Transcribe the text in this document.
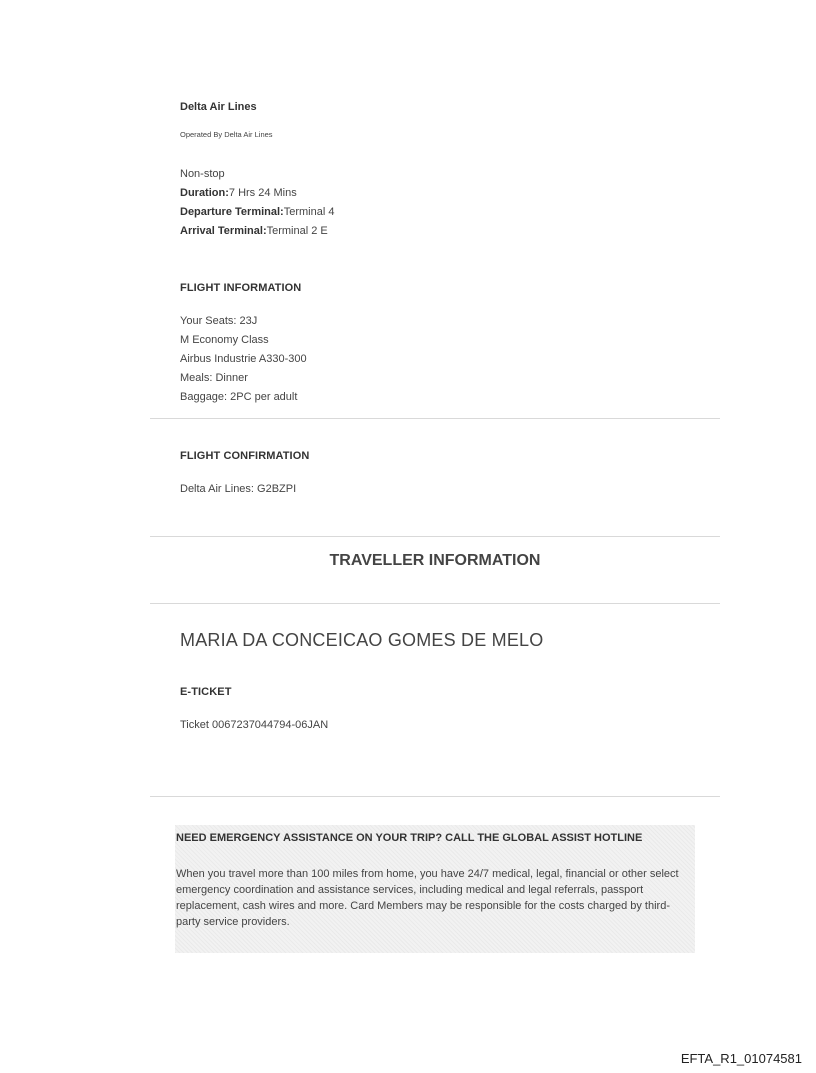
Delta Air Lines
Operated By Delta Air Lines
Non-stop
Duration:7 Hrs 24 Mins
Departure Terminal:Terminal 4
Arrival Terminal:Terminal 2 E
FLIGHT INFORMATION
Your Seats: 23J
M Economy Class
Airbus Industrie A330-300
Meals: Dinner
Baggage: 2PC per adult
FLIGHT CONFIRMATION
Delta Air Lines: G2BZPI
TRAVELLER INFORMATION
MARIA DA CONCEICAO GOMES DE MELO
E-TICKET
Ticket 0067237044794-06JAN
NEED EMERGENCY ASSISTANCE ON YOUR TRIP? CALL THE GLOBAL ASSIST HOTLINE
When you travel more than 100 miles from home, you have 24/7 medical, legal, financial or other select emergency coordination and assistance services, including medical and legal referrals, passport replacement, cash wires and more. Card Members may be responsible for the costs charged by third-party service providers.
EFTA_R1_01074581
